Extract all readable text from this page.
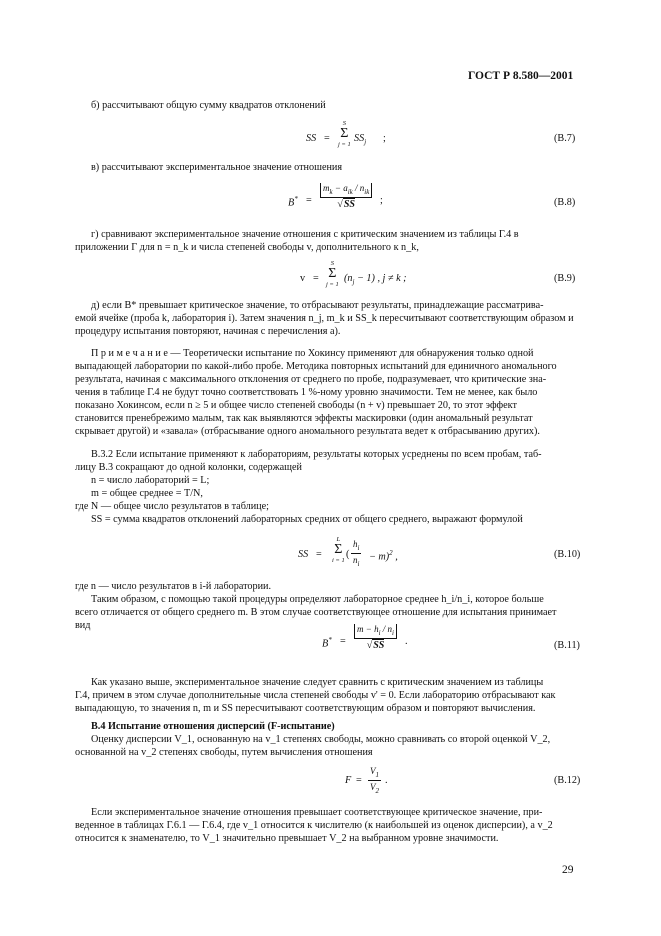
ГОСТ Р 8.580—2001
б) рассчитывают общую сумму квадратов отклонений
SS =
S
Σ
j = 1
$SS_j$ ;	(В.7)
в) рассчитывают экспериментальное значение отношения
B* =
$m_k - a_{ik} / n_{ik}$
√SS	;	(В.8)
г) сравнивают экспериментальное значение отношения с критическим значением из таблицы Г.4 в
приложении Г для n = n_k и числа степеней свободы v, дополнительного к n_k,
v =
S
Σ
j = 1
$(n_j - 1)$ , j ≠ k ;	(В.9)
д) если B* превышает критическое значение, то отбрасывают результаты, принадлежащие рассматрива-
емой ячейке (проба k, лаборатория i). Затем значения n_j, m_k и SS_k пересчитывают соответствующим образом и
процедуру испытания повторяют, начиная с перечисления а).
П р и м е ч а н и е — Теоретически испытание по Хокинсу применяют для обнаружения только одной
выпадающей лаборатории по какой-либо пробе. Методика повторных испытаний для единичного аномального
результата, начиная с максимального отклонения от среднего по пробе, подразумевает, что критические зна-
чения в таблице Г.4 не будут точно соответствовать 1 %-ному уровню значимости. Тем не менее, как было
показано Хокинсом, если n ≥ 5 и общее число степеней свободы (n + v) превышает 20, то этот эффект
становится пренебрежимо малым, так как выявляются эффекты маскировки (один аномальный результат
скрывает другой) и «завала» (отбрасывание одного аномального результата ведет к отбрасыванию других).
В.3.2 Если испытание применяют к лабораториям, результаты которых усреднены по всем пробам, таб-
лицу В.3 сокращают до одной колонки, содержащей
n = число лабораторий = L;
m = общее среднее = T/N,
где N — общее число результатов в таблице;
SS = сумма квадратов отклонений лабораторных средних от общего среднего, выражают формулой
SS =
L
Σ
i = 1
( $\frac{h_i}{n_i} - m)^2$ ,	(В.10)
где n — число результатов в i-й лаборатории.
Таким образом, с помощью такой процедуры определяют лабораторное среднее h_i/n_i, которое больше
всего отличается от общего среднего m. В этом случае соответствующее отношение для испытания принимает
вид
$B^* = \frac{m - h_i / n_i}{√SS}$ .	(В.11)
Как указано выше, экспериментальное значение следует сравнить с критическим значением из таблицы
Г.4, причем в этом случае дополнительные числа степеней свободы v' = 0. Если лабораторию отбрасывают как
выпадающую, то значения n, m и SS пересчитывают соответствующим образом и повторяют вычисления.
В.4 Испытание отношения дисперсий (F-испытание)
Оценку дисперсии V_1, основанную на v_1 степенях свободы, можно сравнивать со второй оценкой V_2,
основанной на v_2 степенях свободы, путем вычисления отношения
$F = \frac{V_1}{V_2}$ .	(В.12)
Если экспериментальное значение отношения превышает соответствующее критическое значение, при-
веденное в таблицах Г.6.1 — Г.6.4, где v_1 относится к числителю (к наибольшей из оценок дисперсии), а v_2
относится к знаменателю, то V_1 значительно превышает V_2 на выбранном уровне значимости.
29
